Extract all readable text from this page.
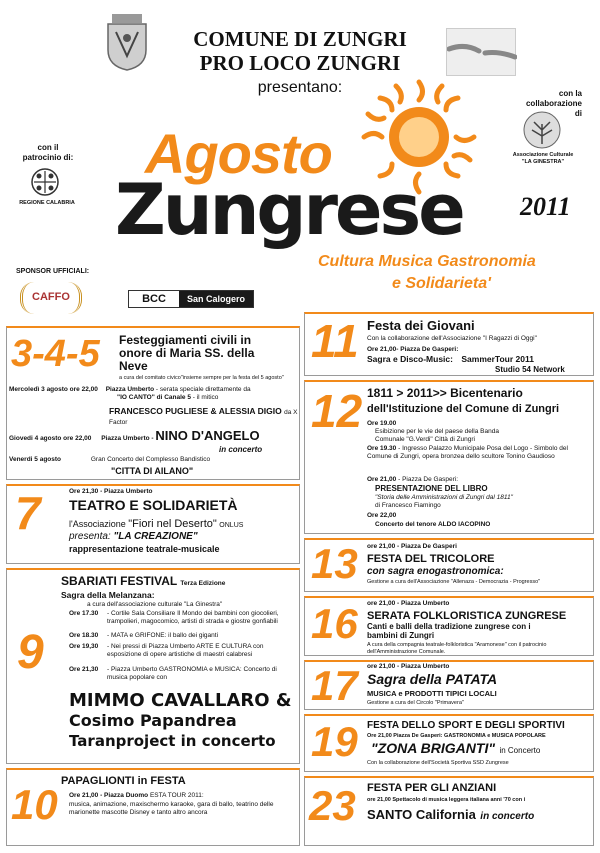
COMUNE DI ZUNGRI
PRO LOCO ZUNGRI
presentano:	con la collaborazione di
Associazione Culturale "LA GINESTRA"
con il patrocinio di:
REGIONE CALABRIA
Agosto
Zungrese 2011
Cultura Musica Gastronomia
e Solidarieta'
SPONSOR UFFICIALI:
CAFFO	BCC	San Calogero
3-4-5 Festeggiamenti civili in onore di Maria SS. della Neve
a cura del comitato civico"insieme sempre per la festa del 5 agosto"
Mercoledì 3 agosto ore 22,00 Piazza Umberto - serata speciale direttamente da
"IO CANTO" di Canale 5 - il mitico
FRANCESCO PUGLIESE & ALESSIA DIGIO da X Factor
Giovedi 4 agosto ore 22,00 Piazza Umberto - NINO D'ANGELO
in concerto
Venerdi 5 agosto	Gran Concerto del Complesso Bandistico
"CITTA DI AILANO"
7	Ore 21,30 - Piazza Umberto
TEATRO E SOLIDARIETÀ
l'Associazione "Fiori nel Deserto" ONLUS
presenta: "LA CREAZIONE"
rappresentazione teatrale-musicale
SBARIATI FESTIVAL Terza Edizione
9
Sagra della Melanzana:
a cura dell'associazione culturale "La Ginestra"
Ore 17.30	- Cortile Sala Consiliare Il Mondo dei bambini con giocolieri, trampolieri, magocomico, artisti di strada e giostre gonfiabili
Ore 18.30	- MATA e GRIFONE: il ballo dei giganti
Ore 19,30	- Nei pressi di Piazza Umberto ARTE E CULTURA con esposizione di opere artistiche di maestri calabresi
Ore 21,30	- Piazza Umberto GASTRONOMIA e MUSICA: Concerto di musica popolare con
MIMMO CAVALLARO &
Cosimo Papandrea
Taranproject in concerto
PAPAGLIONTI in FESTA
10 Ore 21,00 - Piazza Duomo ESTA TOUR 2011:
musica, animazione, maxischermo karaoke, gara di ballo, teatrino delle marionette mascotte Disney e tanto altro ancora
11 Festa dei Giovani
Con la collaborazione dell'Associazione "I Ragazzi di Oggi"
Ore 21,00- Piazza De Gasperi:
Sagra e Disco-Music: SammerTour 2011
Studio 54 Network
12 1811 > 2011>> Bicentenario
dell'Istituzione del Comune di Zungri
Ore 19.00
Esibizione per le vie del paese della Banda Comunale "G.Verdi" Città di Zungri
Ore 19.30 - Ingresso Palazzo Municipale Posa del Logo - Simbolo del Comune di Zungri, opera bronzea dello scultore Tonino Gaudioso
Ore 21,00 - Piazza De Gasperi:
PRESENTAZIONE DEL LIBRO
"Storia delle Amministrazioni di Zungri dal 1811"
di Francesco Fiamingo
Ore 22,00
Concerto del tenore ALDO IACOPINO
13 ore 21,00 - Piazza De Gasperi
FESTA DEL TRICOLORE
con sagra enogastronomica:
Gestione a cura dell'Associazione "Allenaza - Democrazia - Progresso"
16 ore 21,00 - Piazza Umberto
SERATA FOLKLORISTICA ZUNGRESE
Canti e balli della tradizione zungrese con i bambini di Zungri
A cura della compagnia teatrale-folkloristica "Aramonese" con il patrocinio dell'Amministrazione Comunale.
17 ore 21,00 - Piazza Umberto
Sagra della PATATA
MUSICA e PRODOTTI TIPICI LOCALI
Gestione a cura del Circolo "Primavera"
19 FESTA DELLO SPORT E DEGLI SPORTIVI
Ore 21,00 Piazza De Gasperi: GASTRONOMIA e MUSICA POPOLARE
"ZONA BRIGANTI" in Concerto
Con la collaborazione dell'Società Sportiva SSD Zungrese
23 FESTA PER GLI ANZIANI
ore 21,00 Spettacolo di musica leggera italiana anni '70 con i
SANTO California in concerto
